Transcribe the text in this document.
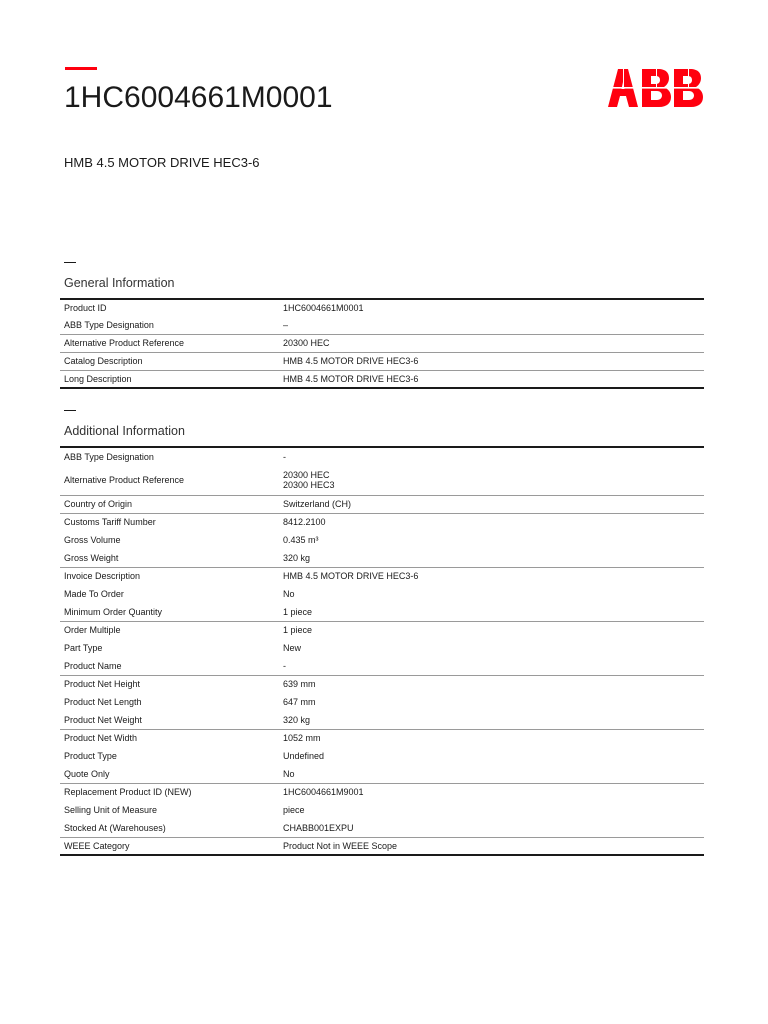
1HC6004661M0001
HMB 4.5 MOTOR DRIVE HEC3-6
General Information
Product ID	1HC6004661M0001
ABB Type Designation	–
Alternative Product Reference	20300 HEC
Catalog Description	HMB 4.5 MOTOR DRIVE HEC3-6
Long Description	HMB 4.5 MOTOR DRIVE HEC3-6
Additional Information
ABB Type Designation	-
Alternative Product Reference	20300 HEC
20300 HEC3
Country of Origin	Switzerland (CH)
Customs Tariff Number	8412.2100
Gross Volume	0.435 m³
Gross Weight	320 kg
Invoice Description	HMB 4.5 MOTOR DRIVE HEC3-6
Made To Order	No
Minimum Order Quantity	1 piece
Order Multiple	1 piece
Part Type	New
Product Name	-
Product Net Height	639 mm
Product Net Length	647 mm
Product Net Weight	320 kg
Product Net Width	1052 mm
Product Type	Undefined
Quote Only	No
Replacement Product ID (NEW)	1HC6004661M9001
Selling Unit of Measure	piece
Stocked At (Warehouses)	CHABB001EXPU
WEEE Category	Product Not in WEEE Scope
